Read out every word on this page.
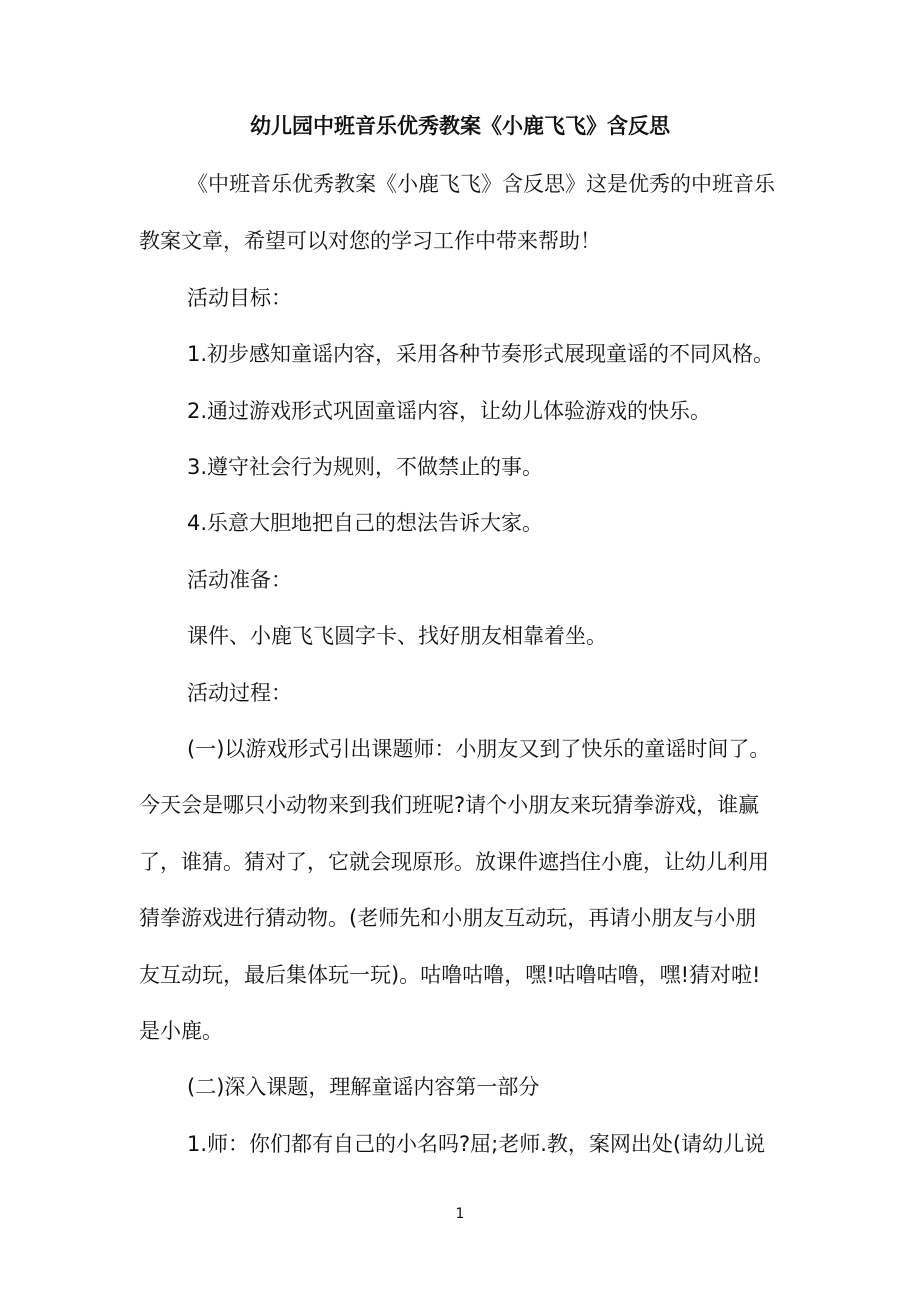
幼儿园中班音乐优秀教案《小鹿飞飞》含反思
《中班音乐优秀教案《小鹿飞飞》含反思》这是优秀的中班音乐
教案文章，希望可以对您的学习工作中带来帮助！
活动目标：
1.初步感知童谣内容，采用各种节奏形式展现童谣的不同风格。
2.通过游戏形式巩固童谣内容，让幼儿体验游戏的快乐。
3.遵守社会行为规则，不做禁止的事。
4.乐意大胆地把自己的想法告诉大家。
活动准备：
课件、小鹿飞飞圆字卡、找好朋友相靠着坐。
活动过程：
(一)以游戏形式引出课题师：小朋友又到了快乐的童谣时间了。
今天会是哪只小动物来到我们班呢?请个小朋友来玩猜拳游戏，谁赢
了，谁猜。猜对了，它就会现原形。放课件遮挡住小鹿，让幼儿利用
猜拳游戏进行猜动物。(老师先和小朋友互动玩，再请小朋友与小朋
友互动玩，最后集体玩一玩)。咕噜咕噜，嘿!咕噜咕噜，嘿!猜对啦!
是小鹿。
(二)深入课题，理解童谣内容第一部分
1.师：你们都有自己的小名吗?屈;老师.教，案网出处(请幼儿说
1
